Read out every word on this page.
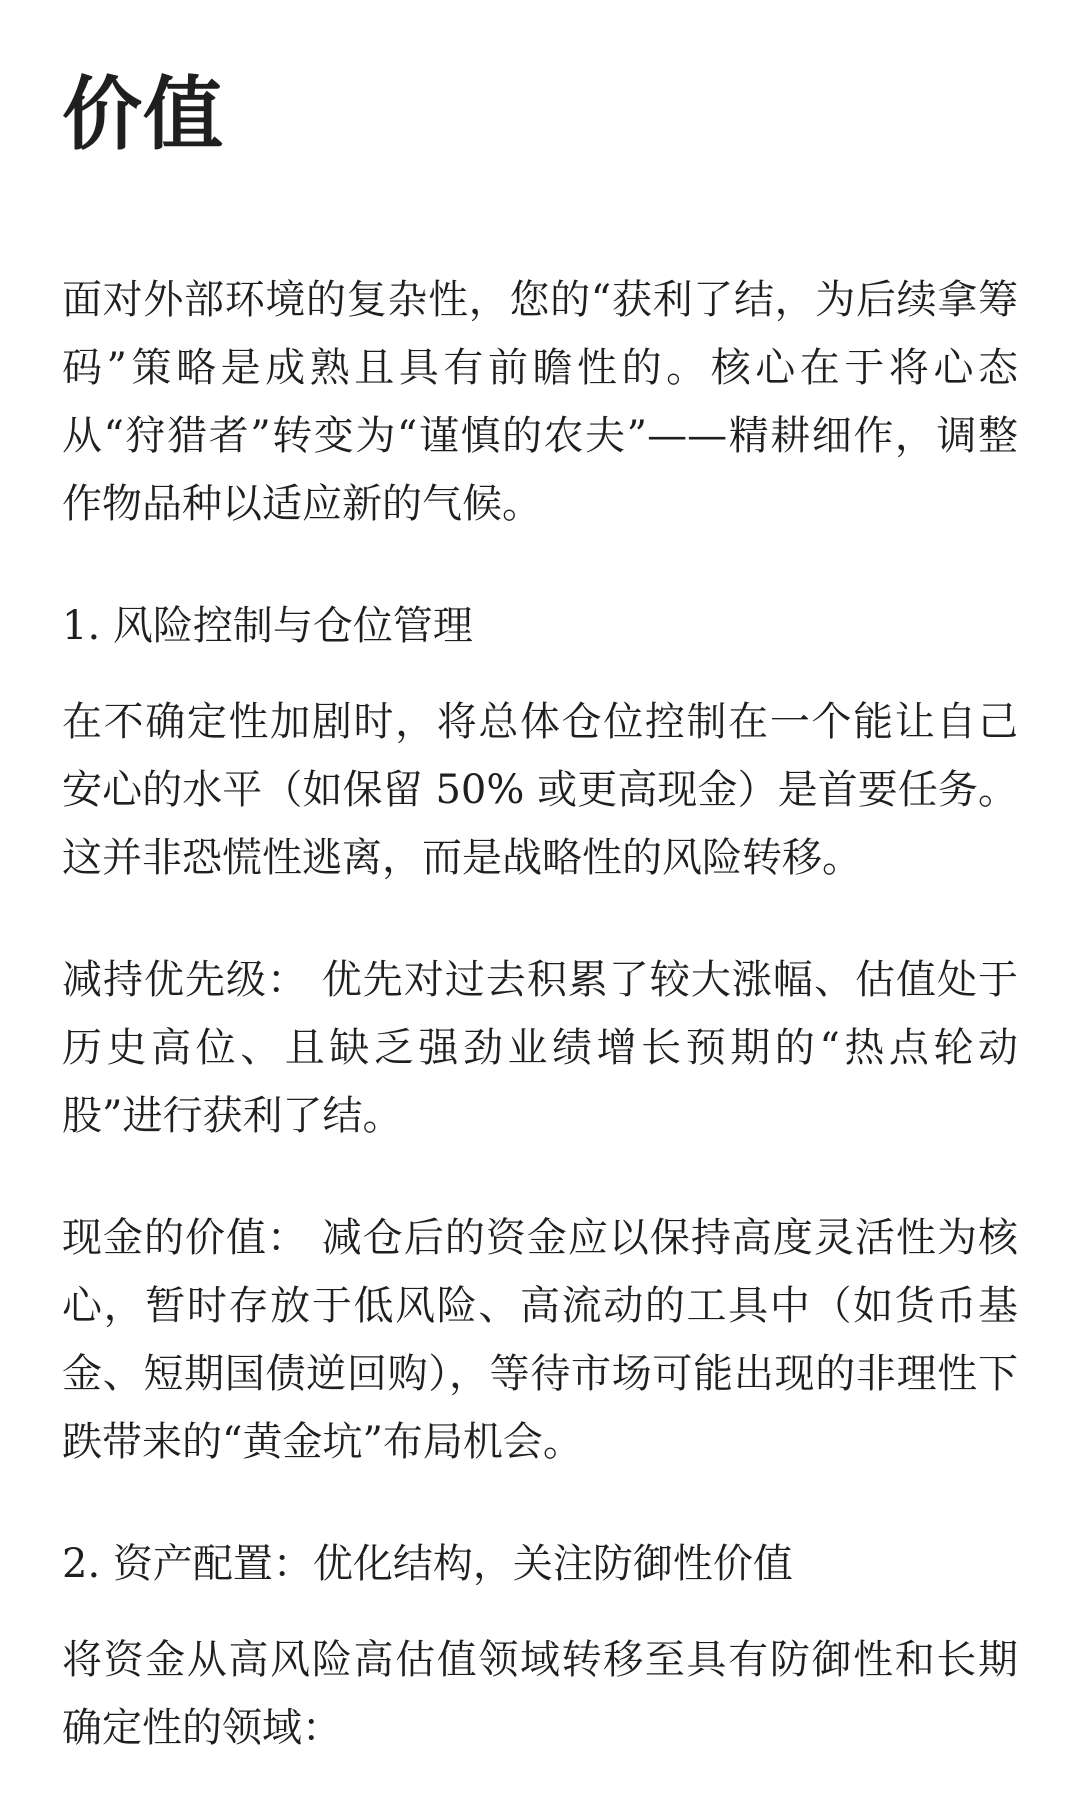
价值

面对外部环境的复杂性，您的“获利了结，为后续拿筹码”策略是成熟且具有前瞻性的。核心在于将心态从“狩猎者”转变为“谨慎的农夫”——精耕细作，调整作物品种以适应新的气候。

1. 风险控制与仓位管理

在不确定性加剧时，将总体仓位控制在一个能让自己安心的水平（如保留 50% 或更高现金）是首要任务。这并非恐慌性逃离，而是战略性的风险转移。

减持优先级： 优先对过去积累了较大涨幅、估值处于历史高位、且缺乏强劲业绩增长预期的“热点轮动股”进行获利了结。

现金的价值： 减仓后的资金应以保持高度灵活性为核心，暂时存放于低风险、高流动的工具中（如货币基金、短期国债逆回购），等待市场可能出现的非理性下跌带来的“黄金坑”布局机会。

2. 资产配置：优化结构，关注防御性价值

将资金从高风险高估值领域转移至具有防御性和长期确定性的领域：
